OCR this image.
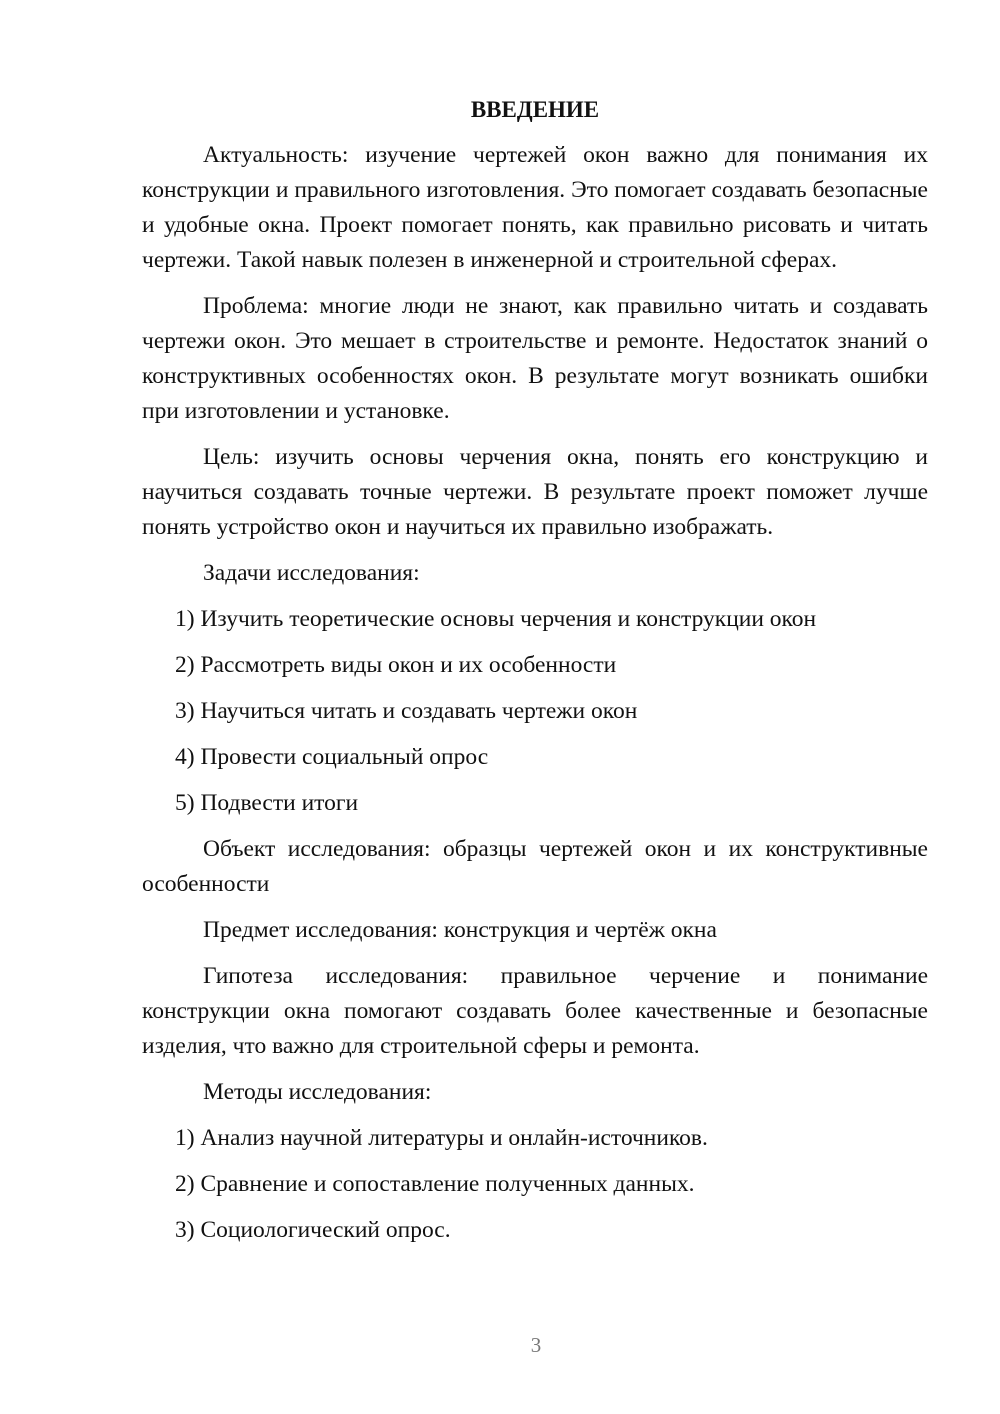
ВВЕДЕНИЕ

Актуальность: изучение чертежей окон важно для понимания их конструкции и правильного изготовления. Это помогает создавать безопасные и удобные окна. Проект помогает понять, как правильно рисовать и читать чертежи. Такой навык полезен в инженерной и строительной сферах.

Проблема: многие люди не знают, как правильно читать и создавать чертежи окон. Это мешает в строительстве и ремонте. Недостаток знаний о конструктивных особенностях окон. В результате могут возникать ошибки при изготовлении и установке.

Цель: изучить основы черчения окна, понять его конструкцию и научиться создавать точные чертежи. В результате проект поможет лучше понять устройство окон и научиться их правильно изображать.

Задачи исследования:

1) Изучить теоретические основы черчения и конструкции окон
2) Рассмотреть виды окон и их особенности
3) Научиться читать и создавать чертежи окон
4) Провести социальный опрос
5) Подвести итоги

Объект исследования: образцы чертежей окон и их конструктивные особенности

Предмет исследования: конструкция и чертёж окна

Гипотеза исследования: правильное черчение и понимание конструкции окна помогают создавать более качественные и безопасные изделия, что важно для строительной сферы и ремонта.

Методы исследования:

1) Анализ научной литературы и онлайн-источников.
2) Сравнение и сопоставление полученных данных.
3) Социологический опрос.
3
